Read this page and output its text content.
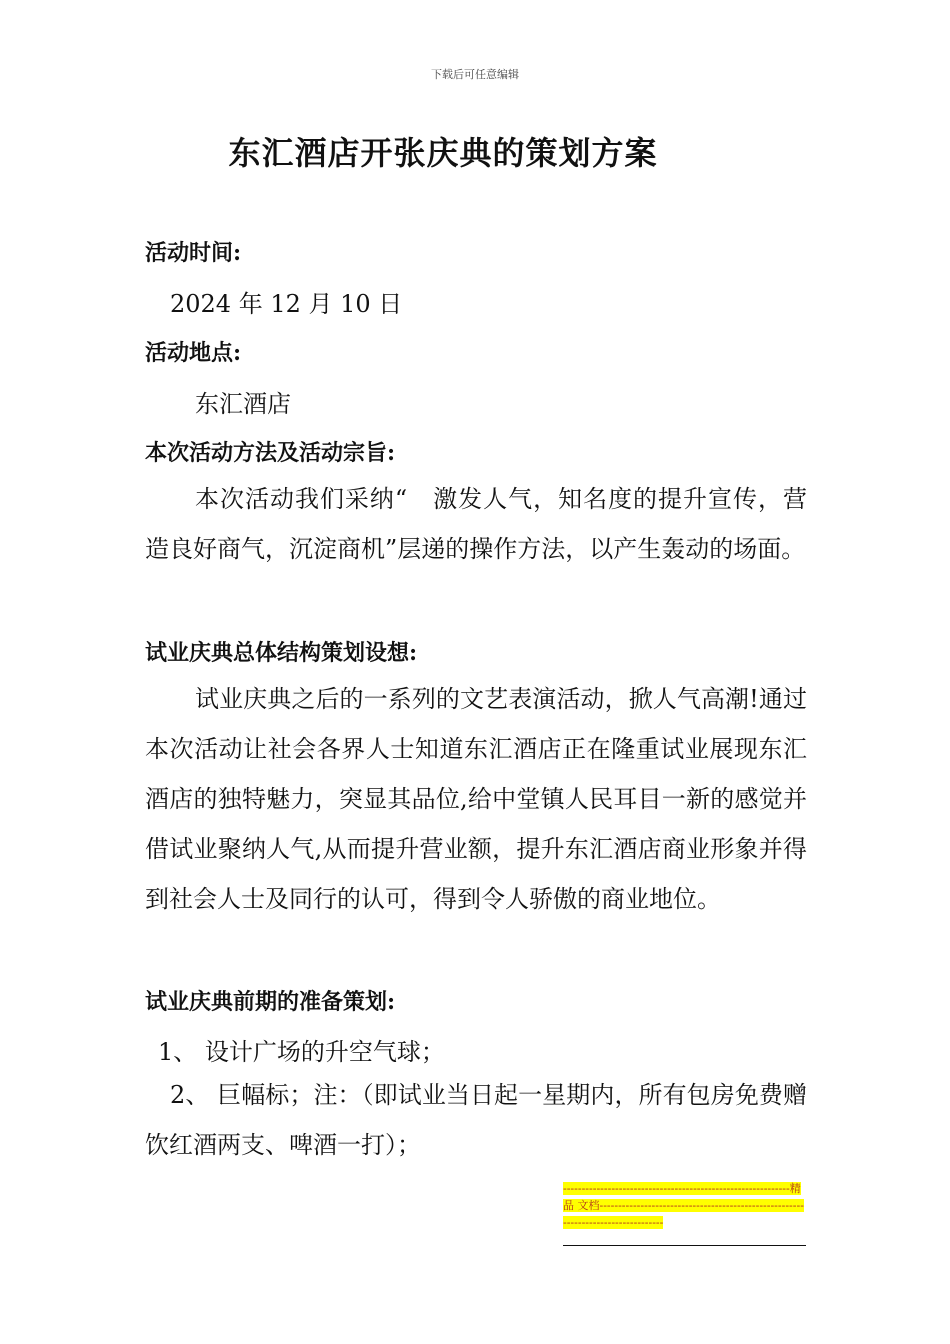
下载后可任意编辑
东汇酒店开张庆典的策划方案
活动时间:
2024 年 12 月 10 日
活动地点:
东汇酒店
本次活动方法及活动宗旨:
本次活动我们采纳“　激发人气，知名度的提升宣传，营造良好商气，沉淀商机”层递的操作方法，以产生轰动的场面。
试业庆典总体结构策划设想:
试业庆典之后的一系列的文艺表演活动，掀人气高潮!通过本次活动让社会各界人士知道东汇酒店正在隆重试业展现东汇酒店的独特魅力，突显其品位,给中堂镇人民耳目一新的感觉并借试业聚纳人气,从而提升营业额，提升东汇酒店商业形象并得到社会人士及同行的认可，得到令人骄傲的商业地位。
试业庆典前期的准备策划:
1、 设计广场的升空气球；
2、 巨幅标；注：（即试业当日起一星期内，所有包房免费赠饮红酒两支、啤酒一打）；
-------------------------------------------------------------精品 文档----------------------------------------------------------------------------------
